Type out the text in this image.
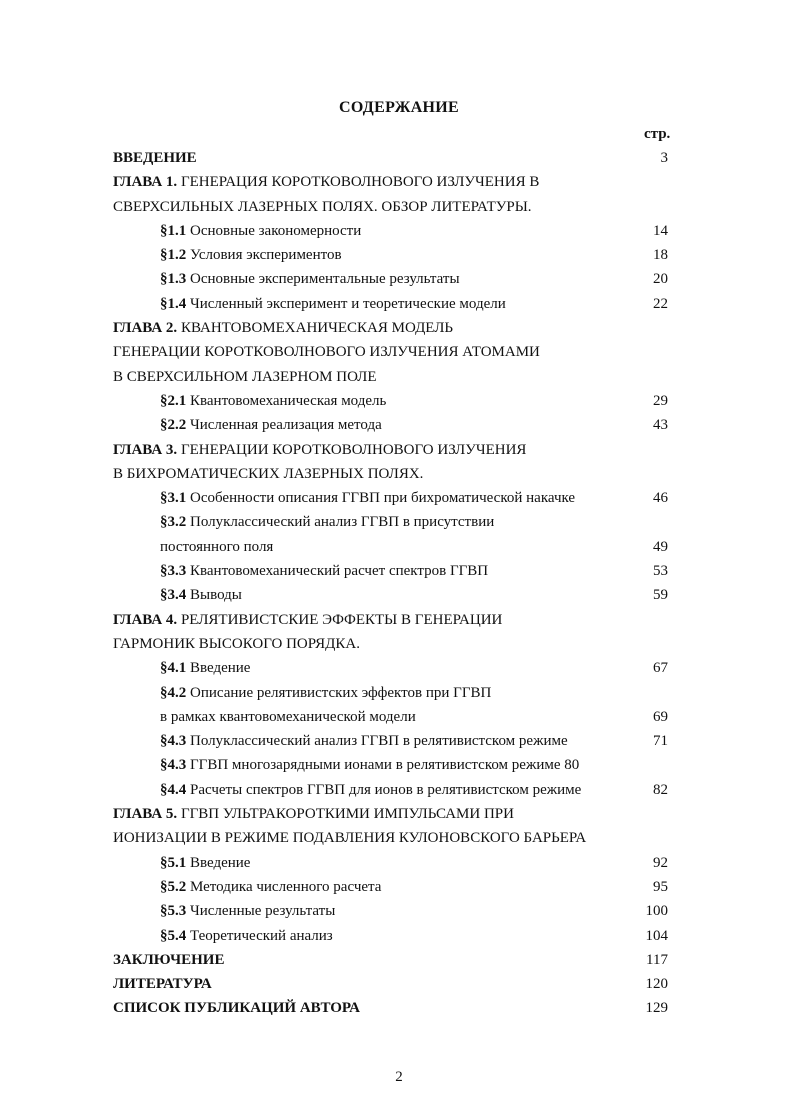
СОДЕРЖАНИЕ
стр.
ВВЕДЕНИЕ	3
ГЛАВА 1. ГЕНЕРАЦИЯ КОРОТКОВОЛНОВОГО ИЗЛУЧЕНИЯ В
СВЕРХСИЛЬНЫХ ЛАЗЕРНЫХ ПОЛЯХ. ОБЗОР ЛИТЕРАТУРЫ.
§1.1 Основные закономерности	14
§1.2 Условия экспериментов	18
§1.3 Основные экспериментальные результаты	20
§1.4 Численный эксперимент и теоретические модели	22
ГЛАВА 2. КВАНТОВОМЕХАНИЧЕСКАЯ МОДЕЛЬ
ГЕНЕРАЦИИ КОРОТКОВОЛНОВОГО ИЗЛУЧЕНИЯ АТОМАМИ
В СВЕРХСИЛЬНОМ ЛАЗЕРНОМ ПОЛЕ
§2.1 Квантовомеханическая модель	29
§2.2 Численная реализация метода	43
ГЛАВА 3. ГЕНЕРАЦИИ КОРОТКОВОЛНОВОГО ИЗЛУЧЕНИЯ
В БИХРОМАТИЧЕСКИХ ЛАЗЕРНЫХ ПОЛЯХ.
§3.1 Особенности описания ГГВП при бихроматической накачке	46
§3.2 Полуклассический анализ ГГВП в присутствии
постоянного поля	49
§3.3 Квантовомеханический расчет спектров ГГВП	53
§3.4 Выводы	59
ГЛАВА 4. РЕЛЯТИВИСТСКИЕ ЭФФЕКТЫ В ГЕНЕРАЦИИ
ГАРМОНИК ВЫСОКОГО ПОРЯДКА.
§4.1 Введение	67
§4.2 Описание релятивистских эффектов при ГГВП
в рамках квантовомеханической модели	69
§4.3 Полуклассический анализ ГГВП в релятивистском режиме	71
§4.3 ГГВП многозарядными ионами в релятивистском режиме 80
§4.4 Расчеты спектров ГГВП для ионов в релятивистском режиме	82
ГЛАВА 5. ГГВП УЛЬТРАКОРОТКИМИ ИМПУЛЬСАМИ ПРИ
ИОНИЗАЦИИ В РЕЖИМЕ ПОДАВЛЕНИЯ КУЛОНОВСКОГО БАРЬЕРА
§5.1 Введение	92
§5.2 Методика численного расчета	95
§5.3 Численные результаты	100
§5.4 Теоретический анализ	104
ЗАКЛЮЧЕНИЕ	117
ЛИТЕРАТУРА	120
СПИСОК ПУБЛИКАЦИЙ АВТОРА	129
2
